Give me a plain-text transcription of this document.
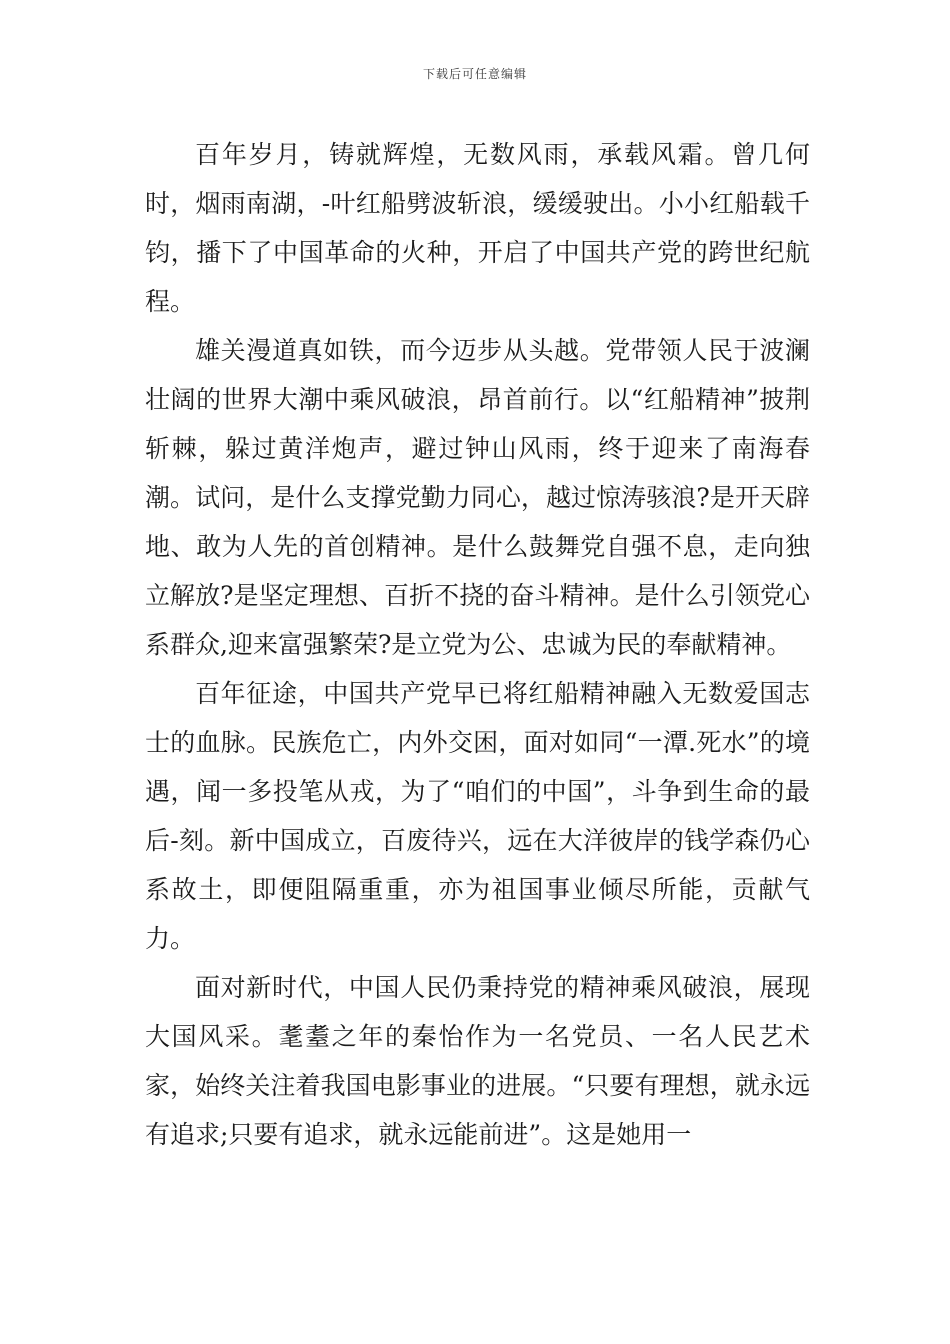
下载后可任意编辑

百年岁月，铸就辉煌，无数风雨，承载风霜。曾几何时，烟雨南湖，-叶红船劈波斩浪，缓缓驶出。小小红船载千钧，播下了中国革命的火种，开启了中国共产党的跨世纪航程。

雄关漫道真如铁，而今迈步从头越。党带领人民于波澜壮阔的世界大潮中乘风破浪，昂首前行。以“红船精神”披荆斩棘，躲过黄洋炮声，避过钟山风雨，终于迎来了南海春潮。试问，是什么支撑党勤力同心，越过惊涛骇浪?是开天辟地、敢为人先的首创精神。是什么鼓舞党自强不息，走向独立解放?是坚定理想、百折不挠的奋斗精神。是什么引领党心系群众,迎来富强繁荣?是立党为公、忠诚为民的奉献精神。

百年征途，中国共产党早已将红船精神融入无数爱国志士的血脉。民族危亡，内外交困，面对如同“一潭.死水”的境遇，闻一多投笔从戎，为了“咱们的中国”，斗争到生命的最后-刻。新中国成立，百废待兴，远在大洋彼岸的钱学森仍心系故土，即便阻隔重重，亦为祖国事业倾尽所能，贡献气力。

面对新时代，中国人民仍秉持党的精神乘风破浪，展现大国风采。耄耋之年的秦怡作为一名党员、一名人民艺术家，始终关注着我国电影事业的进展。“只要有理想，就永远有追求;只要有追求，就永远能前进”。这是她用一
